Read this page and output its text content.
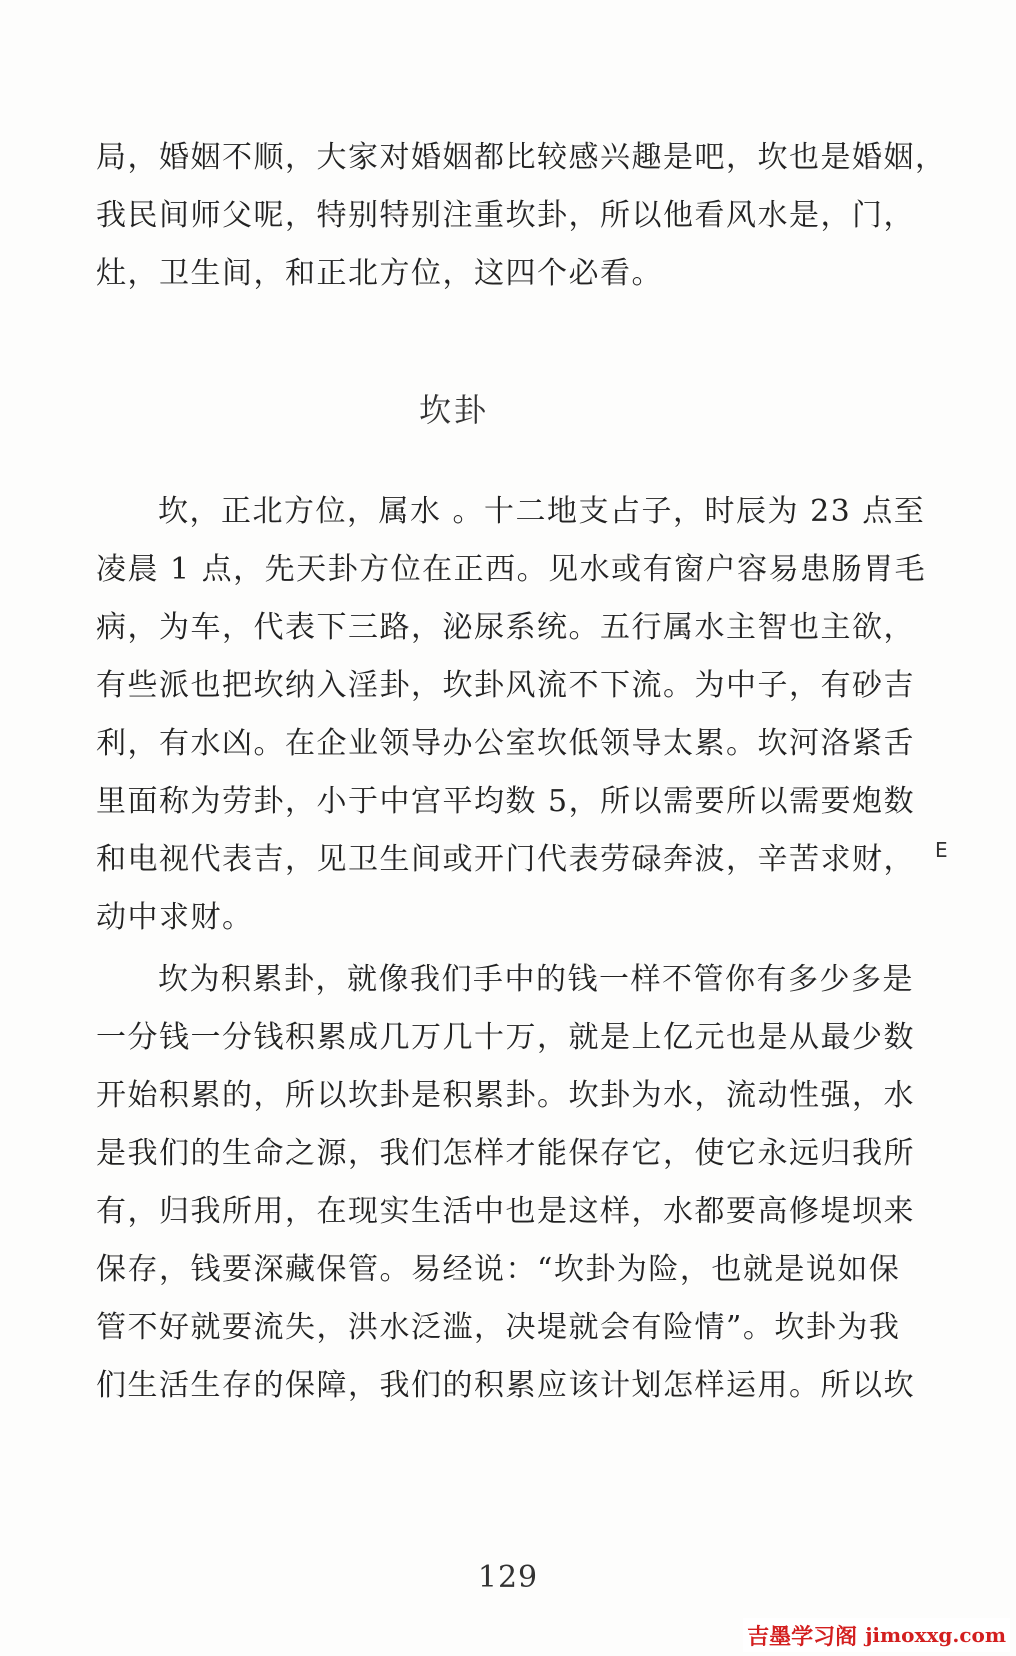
局，婚姻不顺，大家对婚姻都比较感兴趣是吧，坎也是婚姻，
我民间师父呢，特别特别注重坎卦，所以他看风水是，门，
灶，卫生间，和正北方位，这四个必看。
坎卦
坎，正北方位，属水 。十二地支占子，时辰为 23 点至
凌晨 1 点，先天卦方位在正西。见水或有窗户容易患肠胃毛
病，为车，代表下三路，泌尿系统。五行属水主智也主欲，
有些派也把坎纳入淫卦，坎卦风流不下流。为中子，有砂吉
利，有水凶。在企业领导办公室坎低领导太累。坎河洛紧舌
里面称为劳卦，小于中宫平均数 5，所以需要所以需要炮数
和电视代表吉，见卫生间或开门代表劳碌奔波，辛苦求财，
动中求财。
E
坎为积累卦，就像我们手中的钱一样不管你有多少多是
一分钱一分钱积累成几万几十万，就是上亿元也是从最少数
开始积累的，所以坎卦是积累卦。坎卦为水，流动性强，水
是我们的生命之源，我们怎样才能保存它，使它永远归我所
有，归我所用，在现实生活中也是这样，水都要高修堤坝来
保存，钱要深藏保管。易经说：“坎卦为险，也就是说如保
管不好就要流失，洪水泛滥，决堤就会有险情”。坎卦为我
们生活生存的保障，我们的积累应该计划怎样运用。所以坎
129
吉墨学习阁 jimoxxg.com
